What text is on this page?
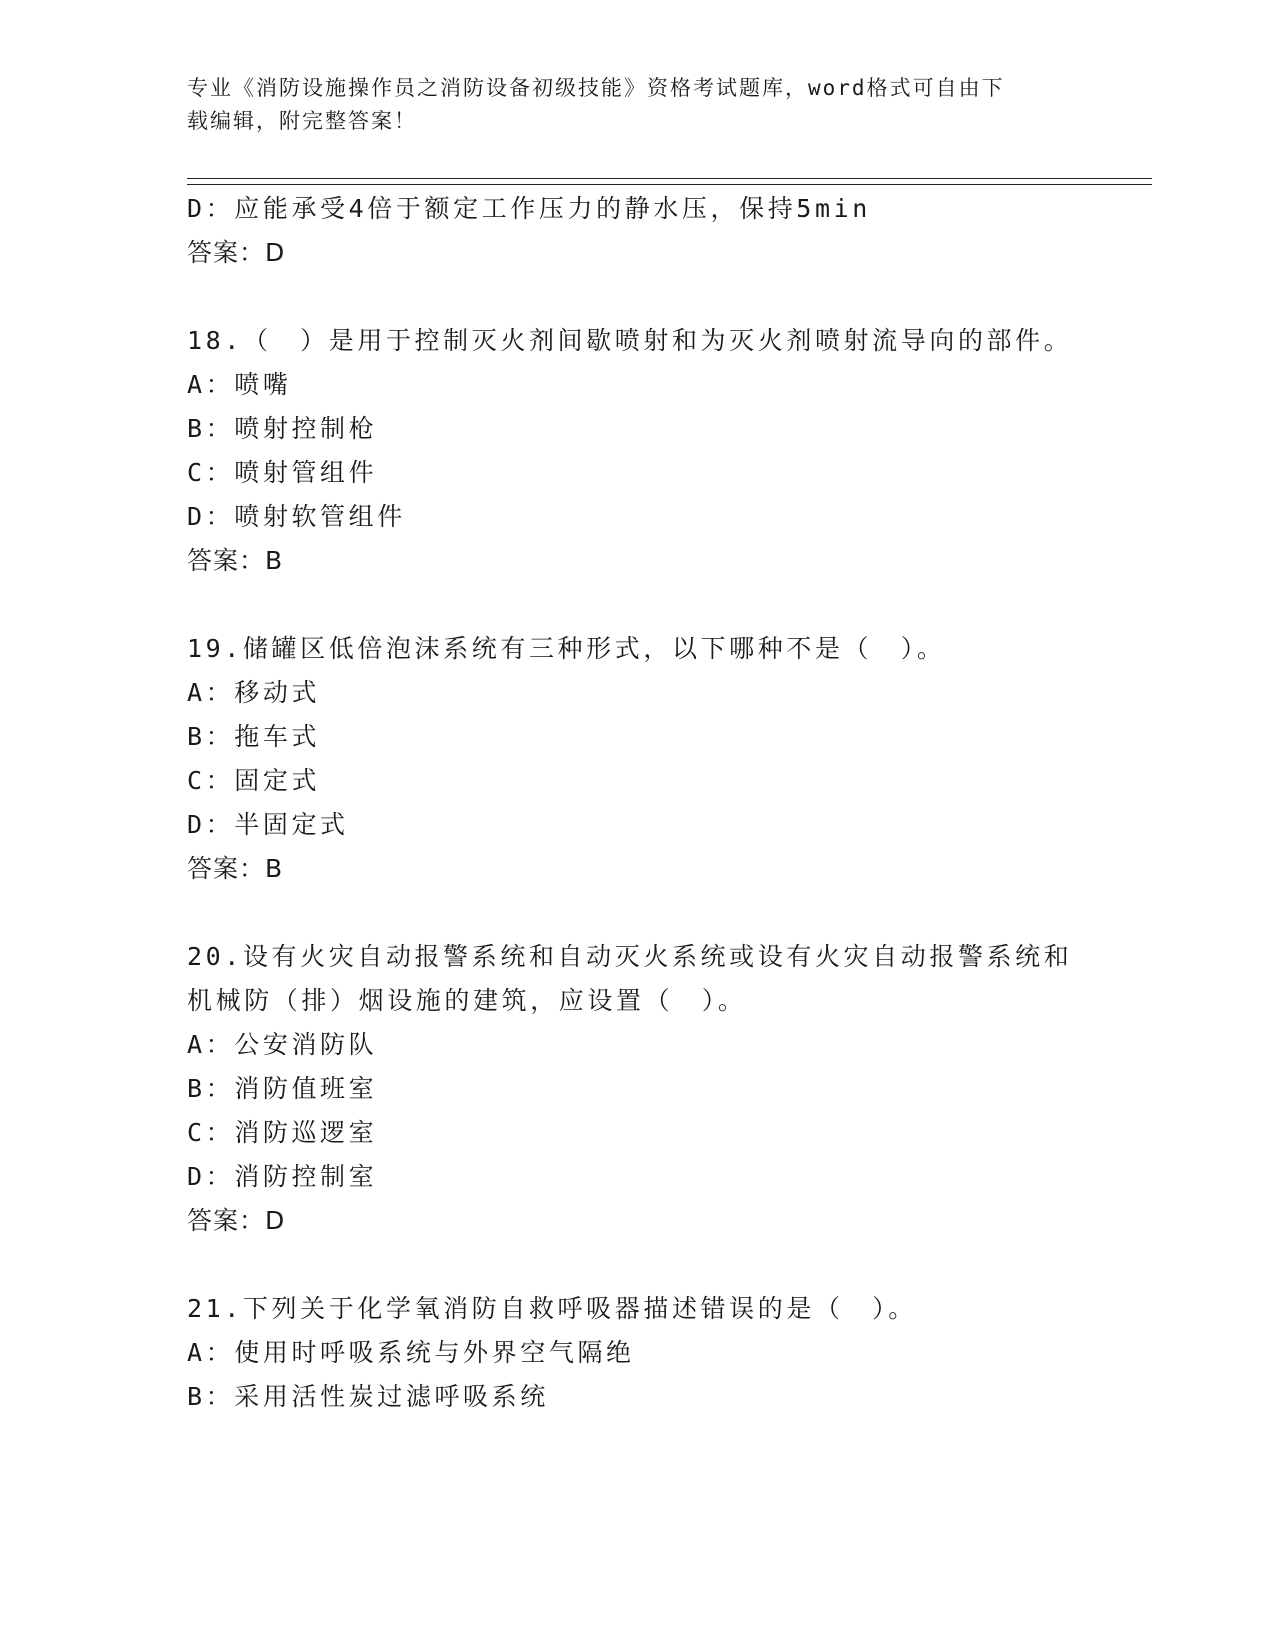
专业《消防设施操作员之消防设备初级技能》资格考试题库，word格式可自由下
载编辑，附完整答案！
D：应能承受4倍于额定工作压力的静水压，保持5min
答案：D
18.（　）是用于控制灭火剂间歇喷射和为灭火剂喷射流导向的部件。
A：喷嘴
B：喷射控制枪
C：喷射管组件
D：喷射软管组件
答案：B
19.储罐区低倍泡沫系统有三种形式，以下哪种不是（　）。
A：移动式
B：拖车式
C：固定式
D：半固定式
答案：B
20.设有火灾自动报警系统和自动灭火系统或设有火灾自动报警系统和
机械防（排）烟设施的建筑，应设置（　）。
A：公安消防队
B：消防值班室
C：消防巡逻室
D：消防控制室
答案：D
21.下列关于化学氧消防自救呼吸器描述错误的是（　）。
A：使用时呼吸系统与外界空气隔绝
B：采用活性炭过滤呼吸系统
